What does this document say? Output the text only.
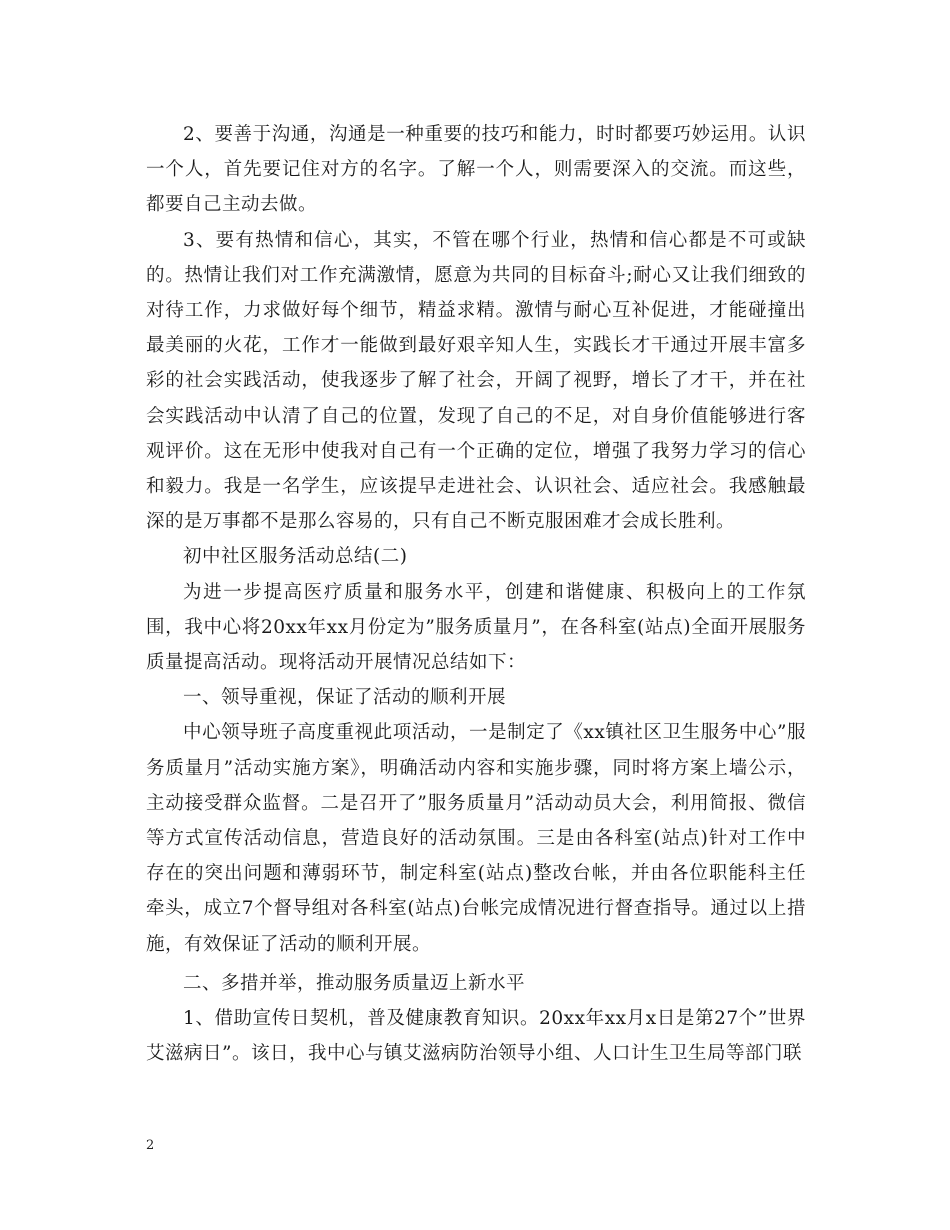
2、要善于沟通，沟通是一种重要的技巧和能力，时时都要巧妙运用。认识一个人，首先要记住对方的名字。了解一个人，则需要深入的交流。而这些，都要自己主动去做。

3、要有热情和信心，其实，不管在哪个行业，热情和信心都是不可或缺的。热情让我们对工作充满激情，愿意为共同的目标奋斗;耐心又让我们细致的对待工作，力求做好每个细节，精益求精。激情与耐心互补促进，才能碰撞出最美丽的火花，工作才一能做到最好艰辛知人生，实践长才干通过开展丰富多彩的社会实践活动，使我逐步了解了社会，开阔了视野，增长了才干，并在社会实践活动中认清了自己的位置，发现了自己的不足，对自身价值能够进行客观评价。这在无形中使我对自己有一个正确的定位，增强了我努力学习的信心和毅力。我是一名学生，应该提早走进社会、认识社会、适应社会。我感触最深的是万事都不是那么容易的，只有自己不断克服困难才会成长胜利。

初中社区服务活动总结(二)

为进一步提高医疗质量和服务水平，创建和谐健康、积极向上的工作氛围，我中心将20xx年xx月份定为”服务质量月”，在各科室(站点)全面开展服务质量提高活动。现将活动开展情况总结如下：

一、领导重视，保证了活动的顺利开展

中心领导班子高度重视此项活动，一是制定了《xx镇社区卫生服务中心”服务质量月”活动实施方案》，明确活动内容和实施步骤，同时将方案上墙公示，主动接受群众监督。二是召开了”服务质量月”活动动员大会，利用简报、微信等方式宣传活动信息，营造良好的活动氛围。三是由各科室(站点)针对工作中存在的突出问题和薄弱环节，制定科室(站点)整改台帐，并由各位职能科主任牵头，成立7个督导组对各科室(站点)台帐完成情况进行督查指导。通过以上措施，有效保证了活动的顺利开展。

二、多措并举，推动服务质量迈上新水平

1、借助宣传日契机，普及健康教育知识。20xx年xx月x日是第27个”世界艾滋病日”。该日，我中心与镇艾滋病防治领导小组、人口计生卫生局等部门联

2
